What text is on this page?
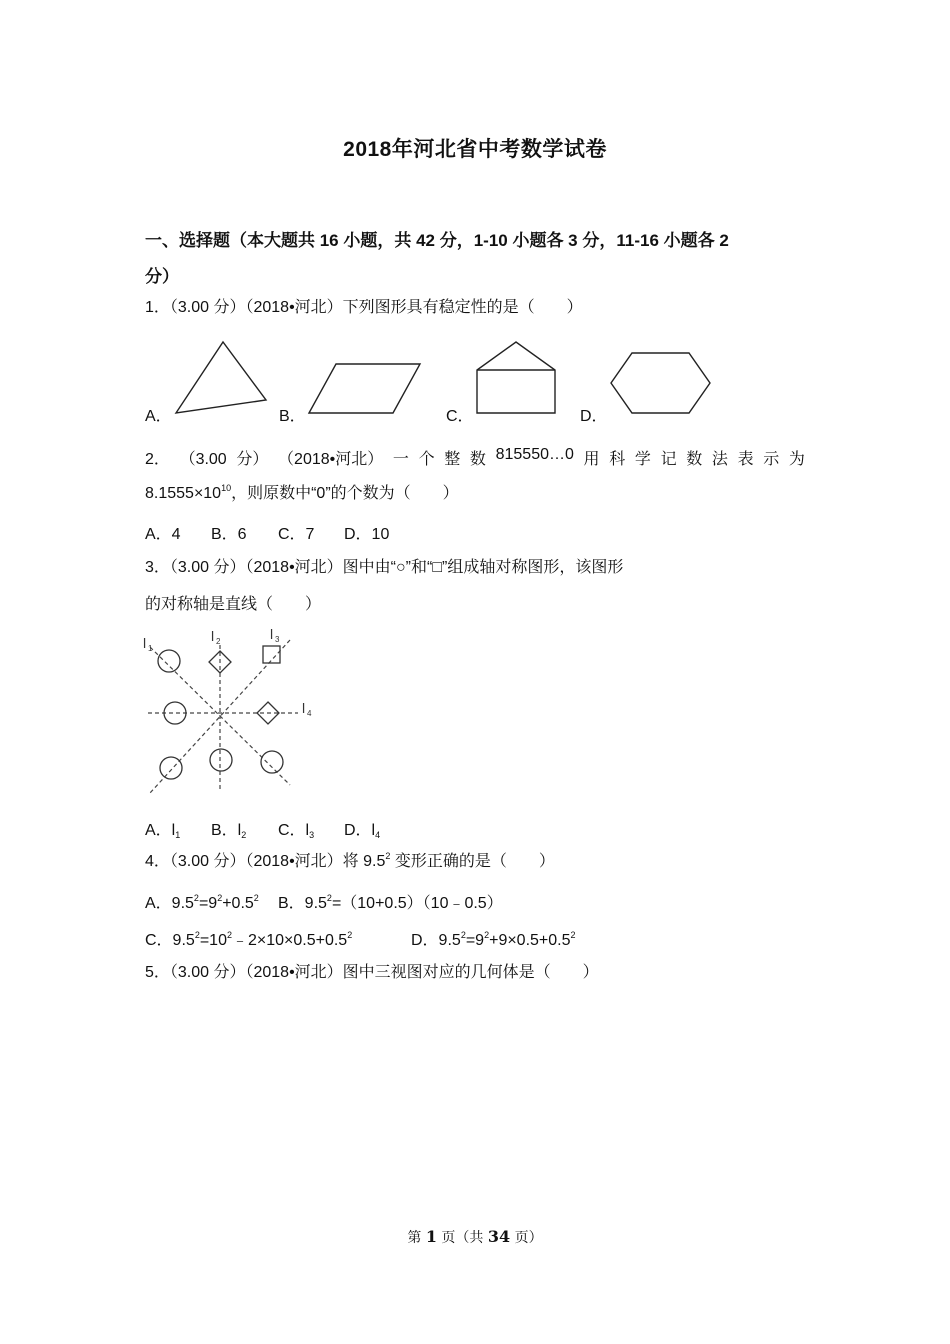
2018年河北省中考数学试卷
一、选择题（本大题共 16 小题，共 42 分，1-10 小题各 3 分，11-16 小题各 2
分）
1．（3.00 分）（2018•河北）下列图形具有稳定性的是（　　）
A．	B．	C．	D．
2． （3.00 分） （2018•河北） 一 个 整 数 815550…0 用 科 学 记 数 法 表 示 为
$8.1555\times 10^{10}$，则原数中“0”的个数为（　　）
A．4 B．6 C．7 D．10
3．（3.00 分）（2018•河北）图中由“○”和“□”组成轴对称图形，该图形
的对称轴是直线（　　）
l 1
l 2	l 3
l 4
A．$l_1$ B．$l_2$ C．$l_3$ D．$l_4$
4．（3.00 分）（2018•河北）将 $9.5^2$ 变形正确的是（　　）
A．$9.5^2=9^2+0.5^2$ B．$9.5^2=(10+0.5)(10﹣0.5)$
C．$9.5^2=10^2﹣2\times 10\times 0.5+0.5^2$	D．$9.5^2=9^2+9\times 0.5+0.5^2$
5．（3.00 分）（2018•河北）图中三视图对应的几何体是（　　）
第 1 页（共 34 页）
